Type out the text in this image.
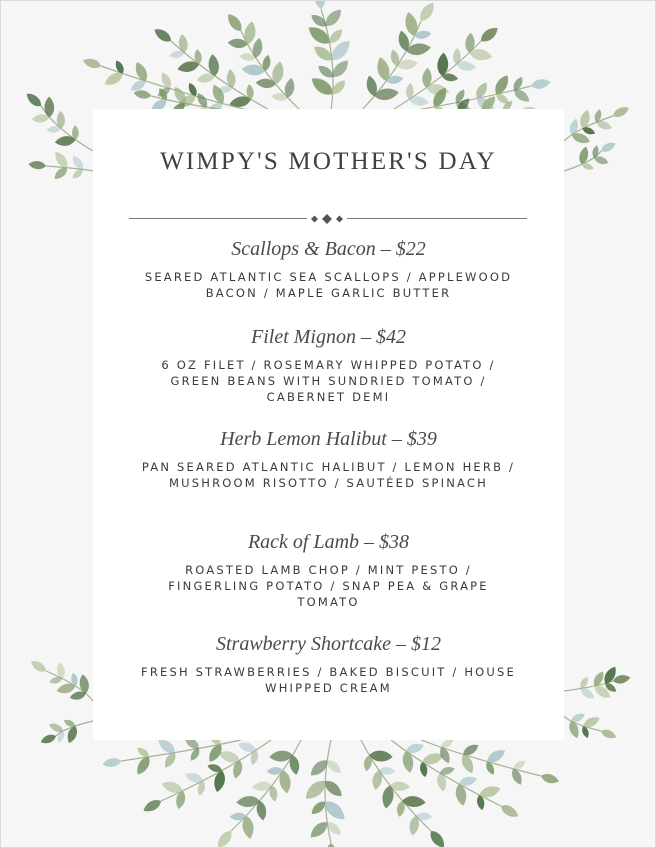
WIMPY'S MOTHER'S DAY
Scallops & Bacon – $22
SEARED ATLANTIC SEA SCALLOPS / APPLEWOOD BACON / MAPLE GARLIC BUTTER
Filet Mignon – $42
6 OZ FILET / ROSEMARY WHIPPED POTATO / GREEN BEANS WITH SUNDRIED TOMATO / CABERNET DEMI
Herb Lemon Halibut – $39
PAN SEARED ATLANTIC HALIBUT / LEMON HERB / MUSHROOM RISOTTO / SAUTÉED SPINACH
Rack of Lamb – $38
ROASTED LAMB CHOP / MINT PESTO / FINGERLING POTATO / SNAP PEA & GRAPE TOMATO
Strawberry Shortcake – $12
FRESH STRAWBERRIES / BAKED BISCUIT / HOUSE WHIPPED CREAM
